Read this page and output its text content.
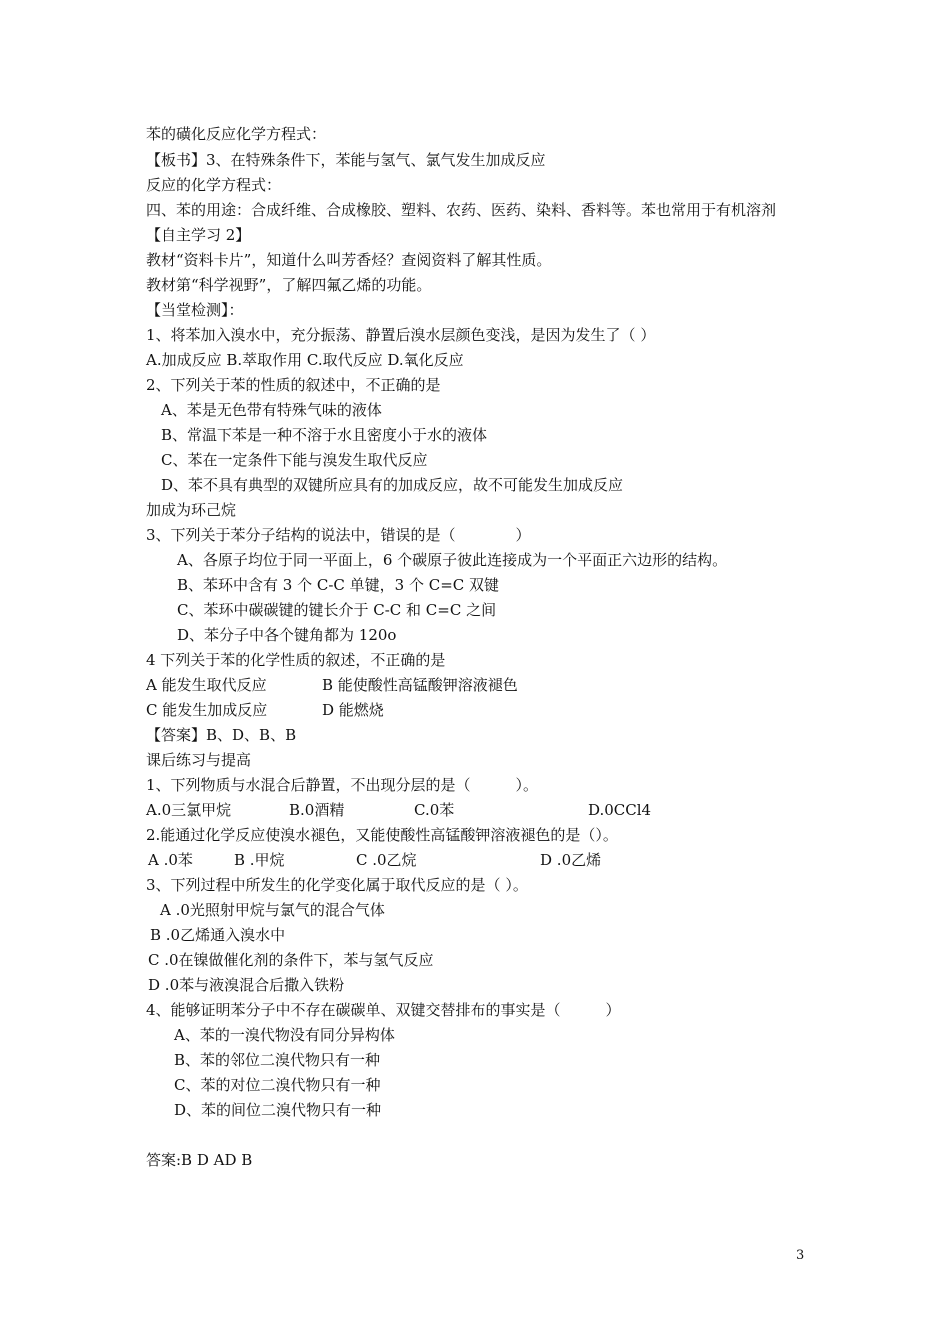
苯的磺化反应化学方程式：
【板书】3、在特殊条件下，苯能与氢气、氯气发生加成反应
反应的化学方程式：
四、苯的用途：合成纤维、合成橡胶、塑料、农药、医药、染料、香料等。苯也常用于有机溶剂
【自主学习 2】
教材“资料卡片”，知道什么叫芳香烃？查阅资料了解其性质。
教材第“科学视野”，了解四氟乙烯的功能。
【当堂检测】：
1、将苯加入溴水中，充分振荡、静置后溴水层颜色变浅，是因为发生了（ ）
A.加成反应 B.萃取作用 C.取代反应 D.氧化反应
2、下列关于苯的性质的叙述中，不正确的是
A、苯是无色带有特殊气味的液体
B、常温下苯是一种不溶于水且密度小于水的液体
C、苯在一定条件下能与溴发生取代反应
D、苯不具有典型的双键所应具有的加成反应，故不可能发生加成反应
加成为环己烷
3、下列关于苯分子结构的说法中，错误的是（　　　　）
A、各原子均位于同一平面上，6 个碳原子彼此连接成为一个平面正六边形的结构。
B、苯环中含有 3 个 C-C 单键，3 个 C=C 双键
C、苯环中碳碳键的键长介于 C-C 和 C=C 之间
D、苯分子中各个键角都为 120o
4 下列关于苯的化学性质的叙述，不正确的是
A 能发生取代反应	B 能使酸性高锰酸钾溶液褪色
C 能发生加成反应	D 能燃烧
【答案】B、D、B、B
课后练习与提高
1、下列物质与水混合后静置，不出现分层的是（　　　）。
A.0三氯甲烷	B.0酒精	C.0苯	D.0CCl4
2.能通过化学反应使溴水褪色，又能使酸性高锰酸钾溶液褪色的是（）。
A .0苯	B .甲烷	C .0乙烷	D .0乙烯
3、下列过程中所发生的化学变化属于取代反应的是（ ）。
A .0光照射甲烷与氯气的混合气体
B .0乙烯通入溴水中
C .0在镍做催化剂的条件下，苯与氢气反应
D .0苯与液溴混合后撒入铁粉
4、能够证明苯分子中不存在碳碳单、双键交替排布的事实是（　　　）
A、苯的一溴代物没有同分异构体
B、苯的邻位二溴代物只有一种
C、苯的对位二溴代物只有一种
D、苯的间位二溴代物只有一种
答案:B D AD B
3
